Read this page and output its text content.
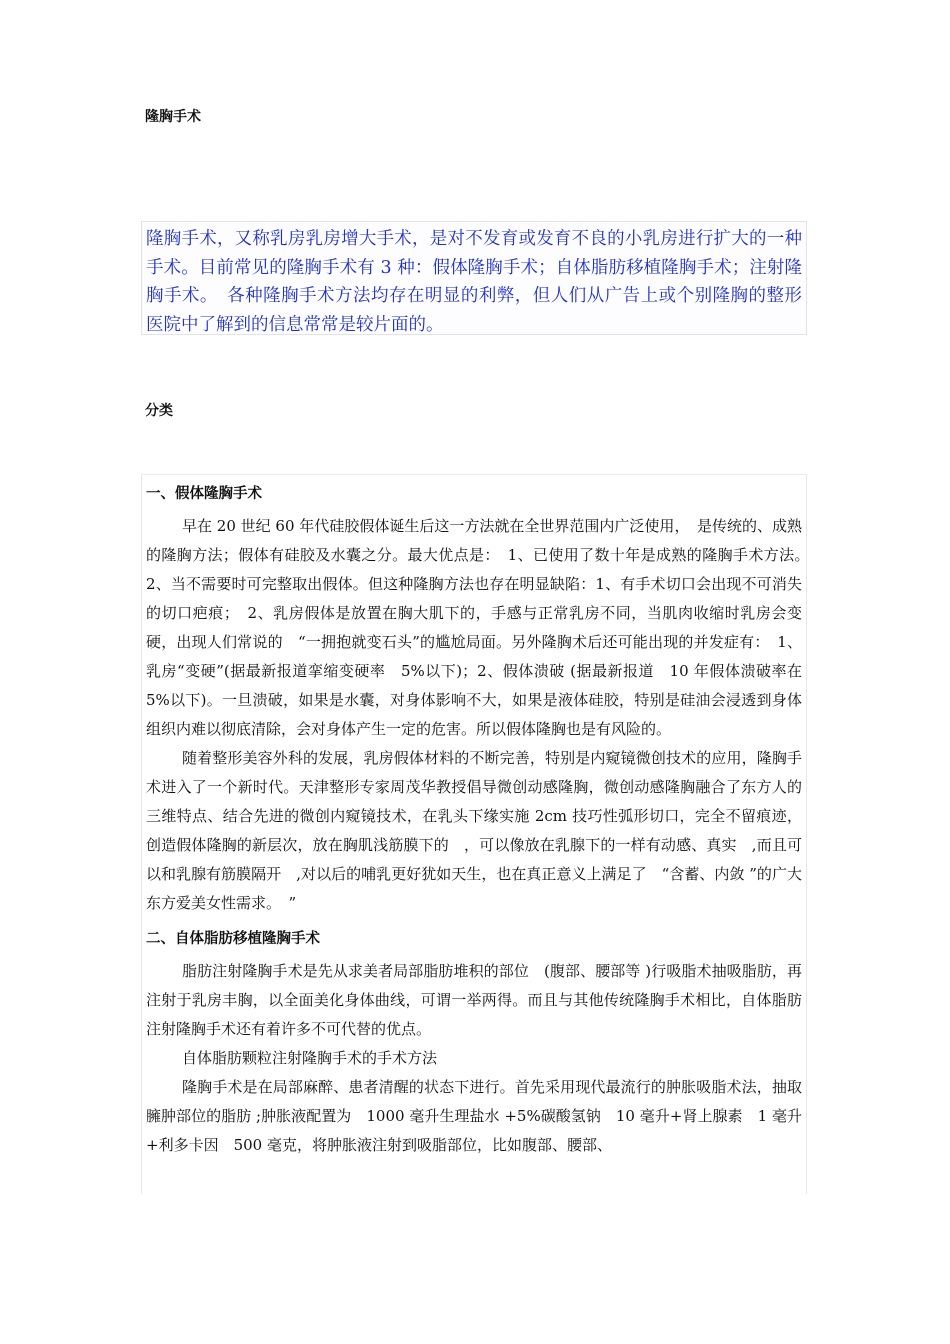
隆胸手术

隆胸手术，又称乳房乳房增大手术，是对不发育或发育不良的小乳房进行扩大的一种手术。目前常见的隆胸手术有 3 种：假体隆胸手术；自体脂肪移植隆胸手术；注射隆胸手术。　各种隆胸手术方法均存在明显的利弊，但人们从广告上或个别隆胸的整形医院中了解到的信息常常是较片面的。

分类
一、假体隆胸手术

早在 20 世纪 60 年代硅胶假体诞生后这一方法就在全世界范围内广泛使用，　是传统的、成熟的隆胸方法；假体有硅胶及水囊之分。最大优点是：　1、已使用了数十年是成熟的隆胸手术方法。　2、当不需要时可完整取出假体。但这种隆胸方法也存在明显缺陷：1、有手术切口会出现不可消失的切口疤痕；　2、乳房假体是放置在胸大肌下的，手感与正常乳房不同，当肌肉收缩时乳房会变硬，出现人们常说的　“一拥抱就变石头”的尴尬局面。另外隆胸术后还可能出现的并发症有：　1、乳房“变硬”(据最新报道挛缩变硬率　5%以下)；2、假体溃破 (据最新报道　10 年假体溃破率在　5%以下)。一旦溃破，如果是水囊，对身体影响不大，如果是液体硅胶，特别是硅油会浸透到身体组织内难以彻底清除，会对身体产生一定的危害。所以假体隆胸也是有风险的。

随着整形美容外科的发展，乳房假体材料的不断完善，特别是内窥镜微创技术的应用，隆胸手术进入了一个新时代。天津整形专家周茂华教授倡导微创动感隆胸，微创动感隆胸融合了东方人的三维特点、结合先进的微创内窥镜技术，在乳头下缘实施 2cm 技巧性弧形切口，完全不留痕迹，创造假体隆胸的新层次，放在胸肌浅筋膜下的　，可以像放在乳腺下的一样有动感、真实　,而且可以和乳腺有筋膜隔开　,对以后的哺乳更好犹如天生，也在真正意义上满足了　“含蓄、内敛 ”的广大东方爱美女性需求。　”

二、自体脂肪移植隆胸手术

脂肪注射隆胸手术是先从求美者局部脂肪堆积的部位　(腹部、腰部等 )行吸脂术抽吸脂肪，再注射于乳房丰胸，以全面美化身体曲线，可谓一举两得。而且与其他传统隆胸手术相比，自体脂肪注射隆胸手术还有着许多不可代替的优点。

自体脂肪颗粒注射隆胸手术的手术方法

隆胸手术是在局部麻醉、患者清醒的状态下进行。首先采用现代最流行的肿胀吸脂术法，抽取臃肿部位的脂肪 ;肿胀液配置为　1000 毫升生理盐水 +5%碳酸氢钠　10 毫升+肾上腺素　1 毫升+利多卡因　500 毫克，将肿胀液注射到吸脂部位，比如腹部、腰部、
